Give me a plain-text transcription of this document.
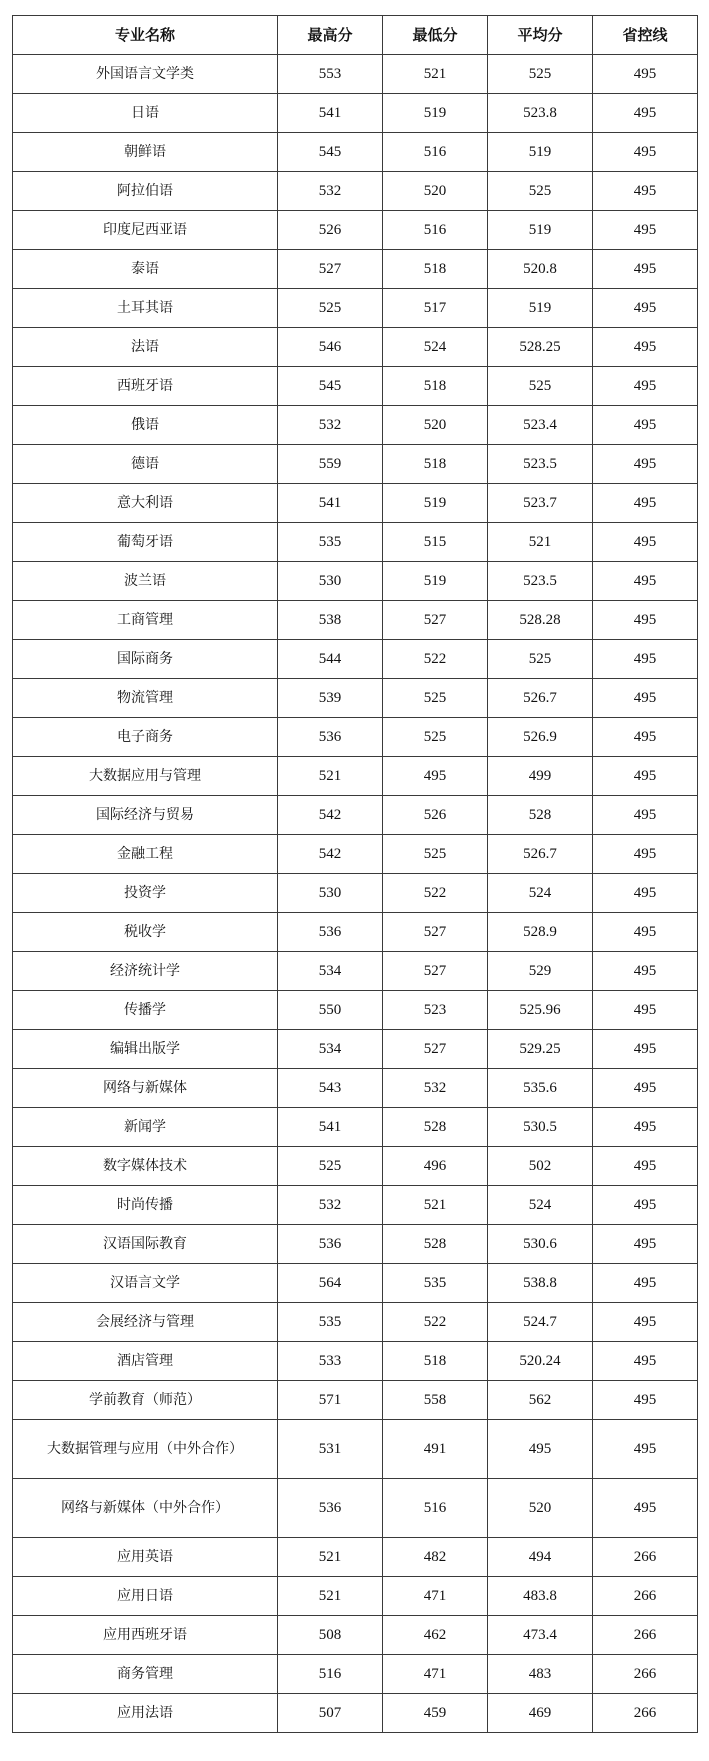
专业名称	最高分	最低分	平均分	省控线
外国语言文学类	553	521	525	495
日语	541	519	523.8	495
朝鲜语	545	516	519	495
阿拉伯语	532	520	525	495
印度尼西亚语	526	516	519	495
泰语	527	518	520.8	495
土耳其语	525	517	519	495
法语	546	524	528.25	495
西班牙语	545	518	525	495
俄语	532	520	523.4	495
德语	559	518	523.5	495
意大利语	541	519	523.7	495
葡萄牙语	535	515	521	495
波兰语	530	519	523.5	495
工商管理	538	527	528.28	495
国际商务	544	522	525	495
物流管理	539	525	526.7	495
电子商务	536	525	526.9	495
大数据应用与管理	521	495	499	495
国际经济与贸易	542	526	528	495
金融工程	542	525	526.7	495
投资学	530	522	524	495
税收学	536	527	528.9	495
经济统计学	534	527	529	495
传播学	550	523	525.96	495
编辑出版学	534	527	529.25	495
网络与新媒体	543	532	535.6	495
新闻学	541	528	530.5	495
数字媒体技术	525	496	502	495
时尚传播	532	521	524	495
汉语国际教育	536	528	530.6	495
汉语言文学	564	535	538.8	495
会展经济与管理	535	522	524.7	495
酒店管理	533	518	520.24	495
学前教育（师范）	571	558	562	495
大数据管理与应用（中外合作）	531	491	495	495
网络与新媒体（中外合作）	536	516	520	495
应用英语	521	482	494	266
应用日语	521	471	483.8	266
应用西班牙语	508	462	473.4	266
商务管理	516	471	483	266
应用法语	507	459	469	266
